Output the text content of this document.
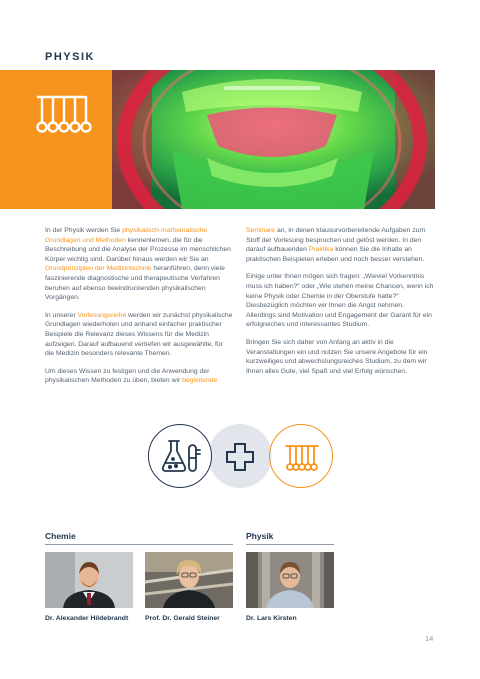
PHYSIK

In der Physik werden Sie physikalisch-mathematische Grundlagen und Methoden kennenlernen, die für die Beschreibung und die Analyse der Prozesse im menschlichen Körper wichtig sind. Darüber hinaus werden wir Sie an Grundprinzipien der Medizintechnik heranführen, denn viele faszinierende diagnostische und therapeutische Verfahren beruhen auf ebenso beeindruckenden physikalischen Vorgängen.

In unserer Vorlesungsreihe werden wir zunächst physikalische Grundlagen wiederholen und anhand einfacher praktischer Beispiele die Relevanz dieses Wissens für die Medizin aufzeigen. Darauf aufbauend vertiefen wir ausgewählte, für die Medizin besonders relevante Themen.

Um dieses Wissen zu festigen und die Anwendung der physikalischen Methoden zu üben, bieten wir begleitende

Seminare an, in denen klausurvorbereitende Aufgaben zum Stoff der Vorlesung besprochen und gelöst werden. In den darauf aufbauenden Praktika können Sie die Inhalte an praktischen Beispielen erleben und noch besser verstehen.

Einige unter Ihnen mögen sich fragen: „Wieviel Vorkenntnis muss ich haben?“ oder „Wie stehen meine Chancen, wenn ich keine Physik oder Chemie in der Oberstufe hatte?“ Diesbezüglich möchten wir Ihnen die Angst nehmen. Allerdings sind Motivation und Engagement der Garant für ein erfolgreiches und interessantes Studium.

Bringen Sie sich daher von Anfang an aktiv in die Veranstaltungen ein und nutzen Sie unsere Angebote für ein kurzweiliges und abwechslungsreiches Studium, zu dem wir Ihnen alles Gute, viel Spaß und viel Erfolg wünschen.

Chemie	Physik
Dr. Alexander Hildebrandt Prof. Dr. Gerald Steiner	Dr. Lars Kirsten
14
